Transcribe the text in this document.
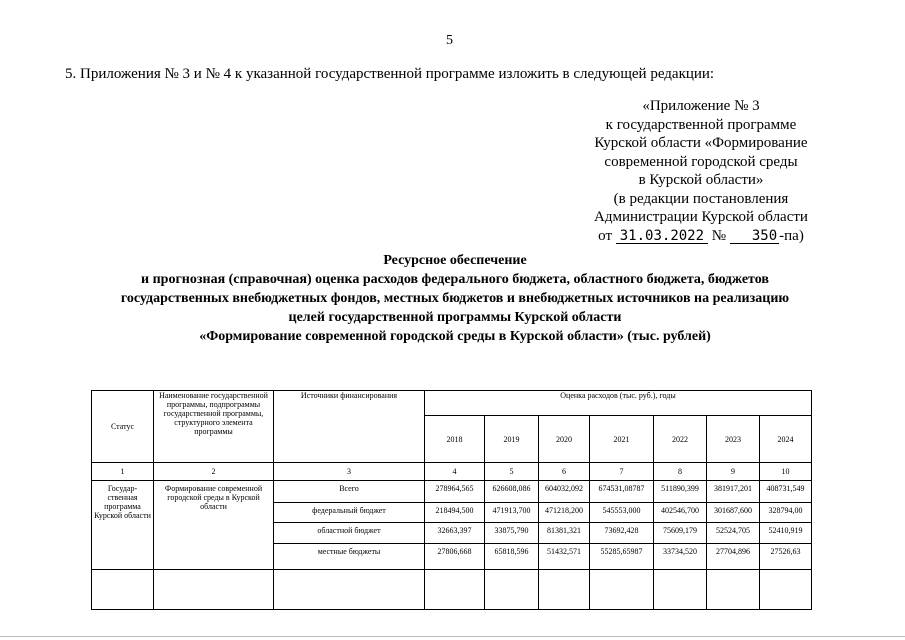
5
5. Приложения № 3 и № 4 к указанной государственной программе изложить в следующей редакции:
«Приложение № 3
к государственной программе
Курской области «Формирование
современной городской среды
в Курской области»
(в редакции постановления
Администрации Курской области
от 31.03.2022 № 350 -па)
Ресурсное обеспечение
и прогнозная (справочная) оценка расходов федерального бюджета, областного бюджета, бюджетов
государственных внебюджетных фондов, местных бюджетов и внебюджетных источников на реализацию
целей государственной программы Курской области
«Формирование современной городской среды в Курской области» (тыс. рублей)
Статус	Наименование государственной программы, подпрограммы государственной программы, структурного элемента программы	Источники финансирования	Оценка расходов (тыс. руб.), годы						
			2018	2019	2020	2021	2022	2023	2024
1	2	3	4	5	6	7	8	9	10
Государ-ственная программа Курской области	Формирование современной городской среды в Курской области	Всего	278964,565	626608,086	604032,092	674531,08787	511890,399	381917,201	408731,549
		федеральный бюджет	218494,500	471913,700	471218,200	545553,000	402546,700	301687,600	328794,00
		областной бюджет	32663,397	33875,790	81381,321	73692,428	75609,179	52524,705	52410,919
		местные бюджеты	27806,668	65818,596	51432,571	55285,65987	33734,520	27704,896	27526,63
